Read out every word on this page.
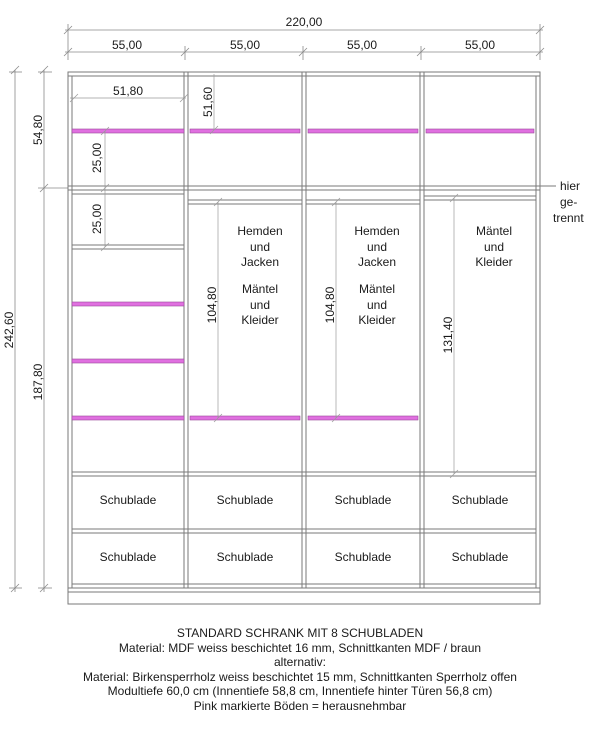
220,00
55,00	55,00	55,00	55,00
242,60
54,80
187,80
51,80	51,60
25,00
25,00
104,80	104,80
131,40
hier
ge-
trennt
Hemden
und
Jacken
Mäntel
und
Kleider
Hemden
und
Jacken
Mäntel
und
Kleider
Mäntel
und
Kleider
Schublade	Schublade	Schublade	Schublade
Schublade	Schublade	Schublade	Schublade
STANDARD SCHRANK MIT 8 SCHUBLADEN
Material: MDF weiss beschichtet 16 mm, Schnittkanten MDF / braun
alternativ:
Material: Birkensperrholz weiss beschichtet 15 mm, Schnittkanten Sperrholz offen
Modultiefe 60,0 cm (Innentiefe 58,8 cm, Innentiefe hinter Türen 56,8 cm)
Pink markierte Böden = herausnehmbar
